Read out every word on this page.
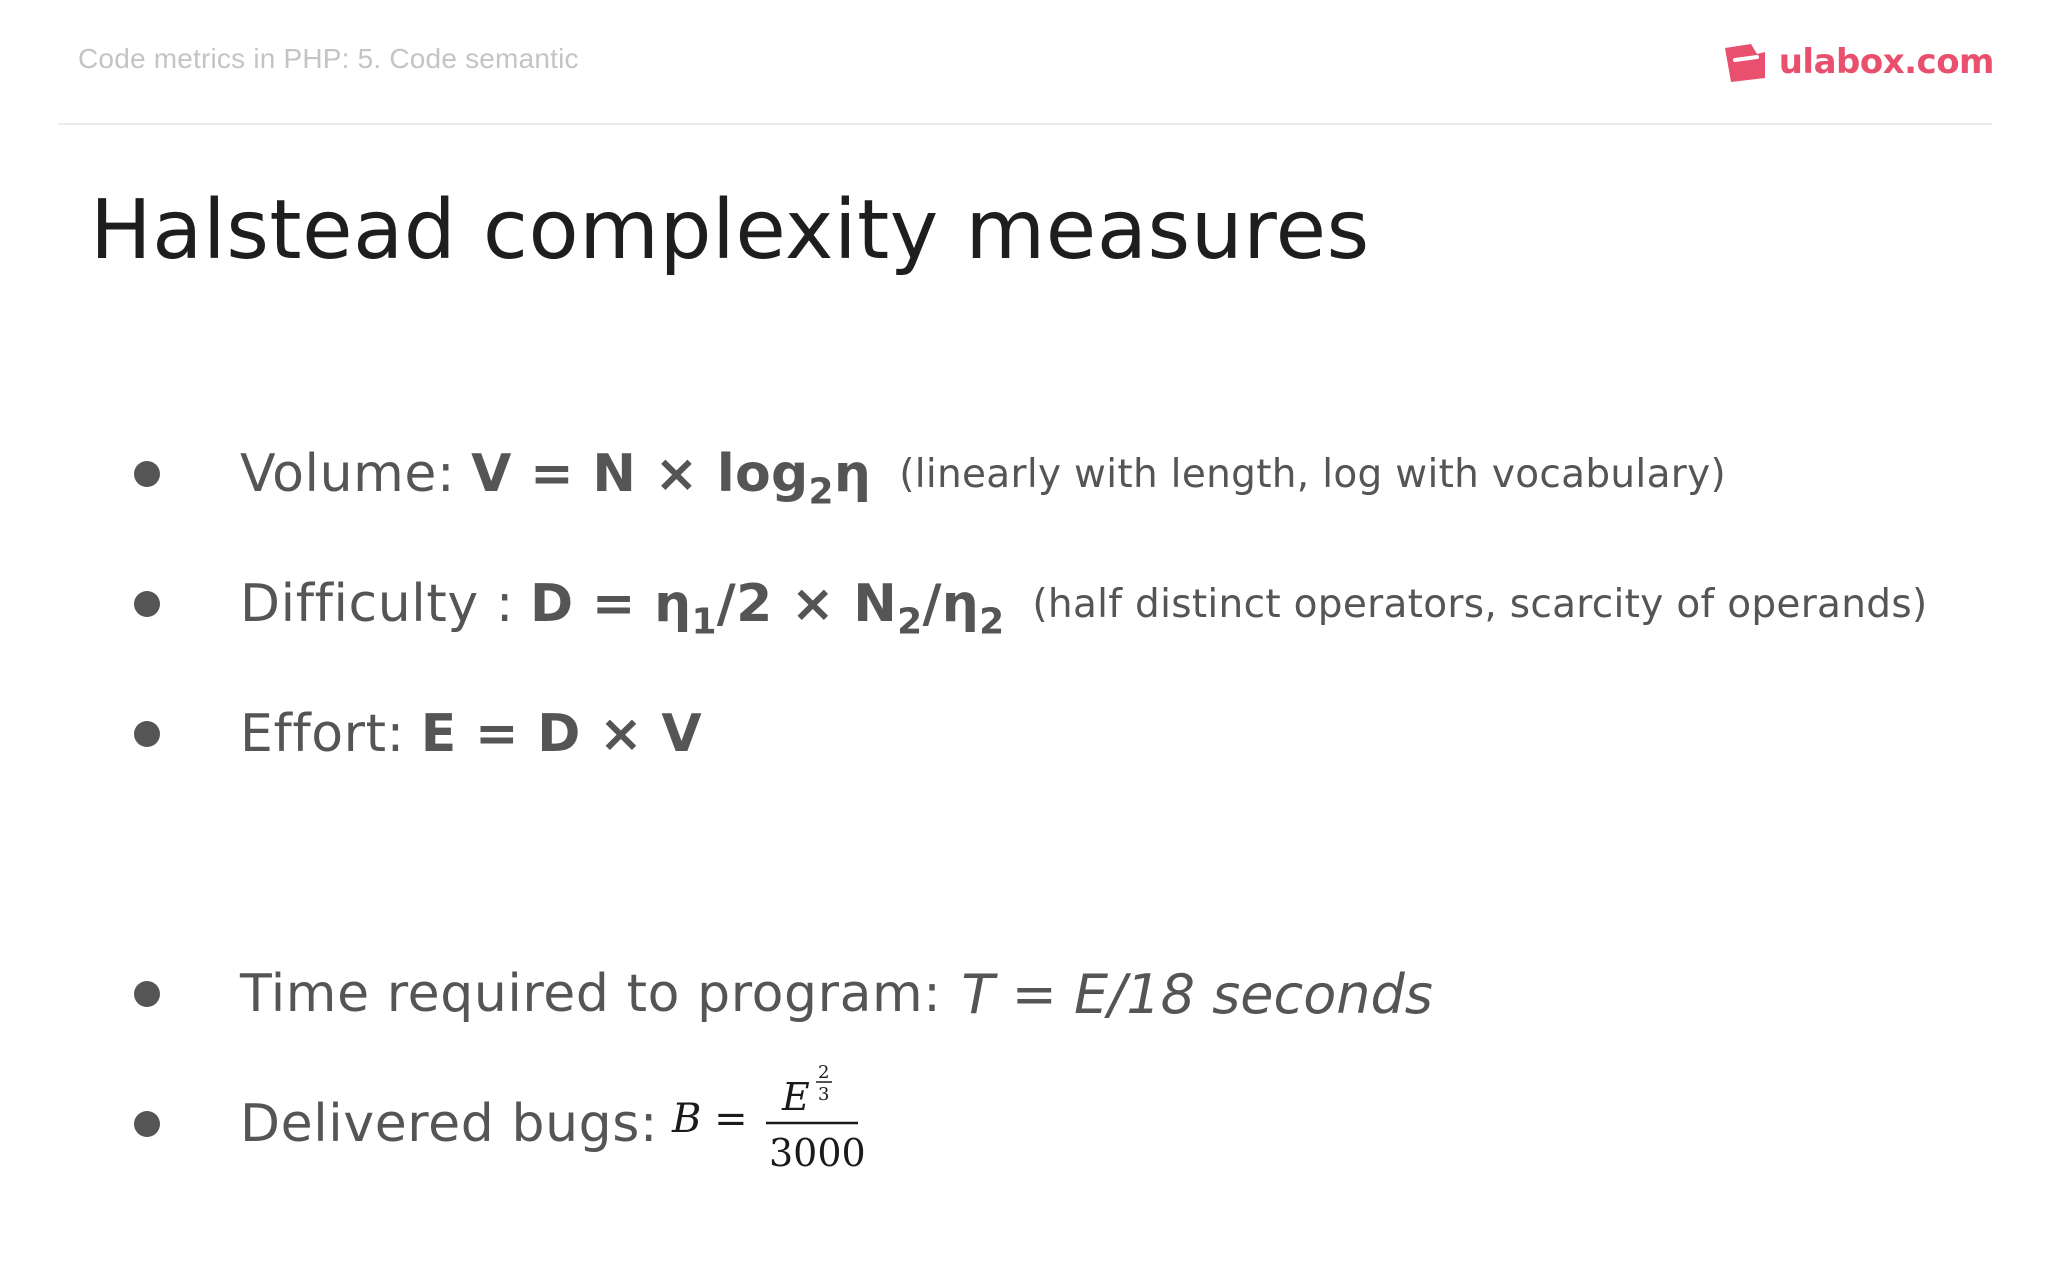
Code metrics in PHP: 5. Code semantic	ulabox.com
Halstead complexity measures
Volume: $V = N \times \log_2\eta$ (linearly with length, log with vocabulary)
Difficulty : $D = \eta_1/2 \times N_2/\eta_2$ (half distinct operators, scarcity of operands)
Effort: E = D × V
Time required to program: T = E/18 seconds
Delivered bugs: B = E
2
3
3000
